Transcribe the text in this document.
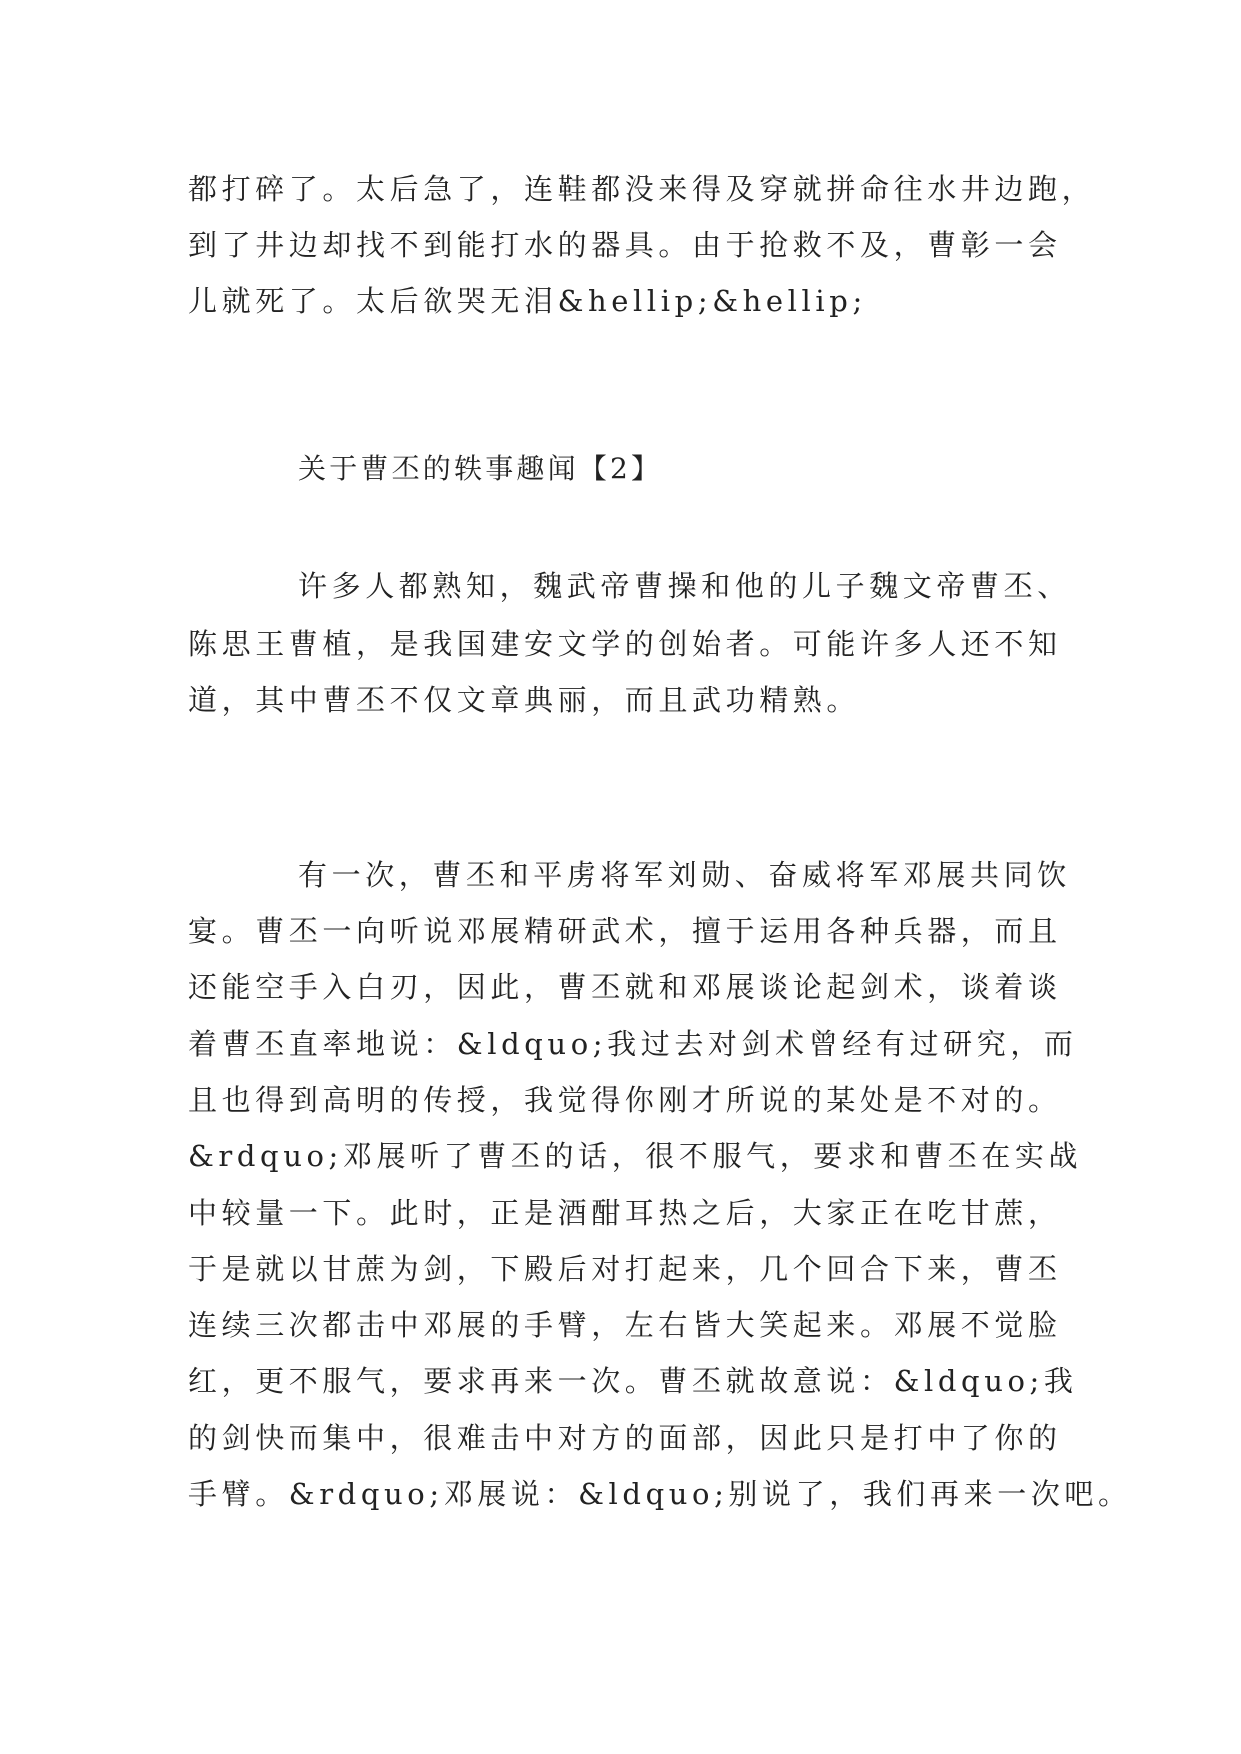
都打碎了。太后急了，连鞋都没来得及穿就拼命往水井边跑，
到了井边却找不到能打水的器具。由于抢救不及，曹彰一会
儿就死了。太后欲哭无泪&hellip;&hellip;
关于曹丕的轶事趣闻【2】
许多人都熟知，魏武帝曹操和他的儿子魏文帝曹丕、
陈思王曹植，是我国建安文学的创始者。可能许多人还不知
道，其中曹丕不仅文章典丽，而且武功精熟。
有一次，曹丕和平虏将军刘勋、奋威将军邓展共同饮
宴。曹丕一向听说邓展精研武术，擅于运用各种兵器，而且
还能空手入白刃，因此，曹丕就和邓展谈论起剑术，谈着谈
着曹丕直率地说：&ldquo;我过去对剑术曾经有过研究，而
且也得到高明的传授，我觉得你刚才所说的某处是不对的。
&rdquo;邓展听了曹丕的话，很不服气，要求和曹丕在实战
中较量一下。此时，正是酒酣耳热之后，大家正在吃甘蔗，
于是就以甘蔗为剑，下殿后对打起来，几个回合下来，曹丕
连续三次都击中邓展的手臂，左右皆大笑起来。邓展不觉脸
红，更不服气，要求再来一次。曹丕就故意说：&ldquo;我
的剑快而集中，很难击中对方的面部，因此只是打中了你的
手臂。&rdquo;邓展说：&ldquo;别说了，我们再来一次吧。
